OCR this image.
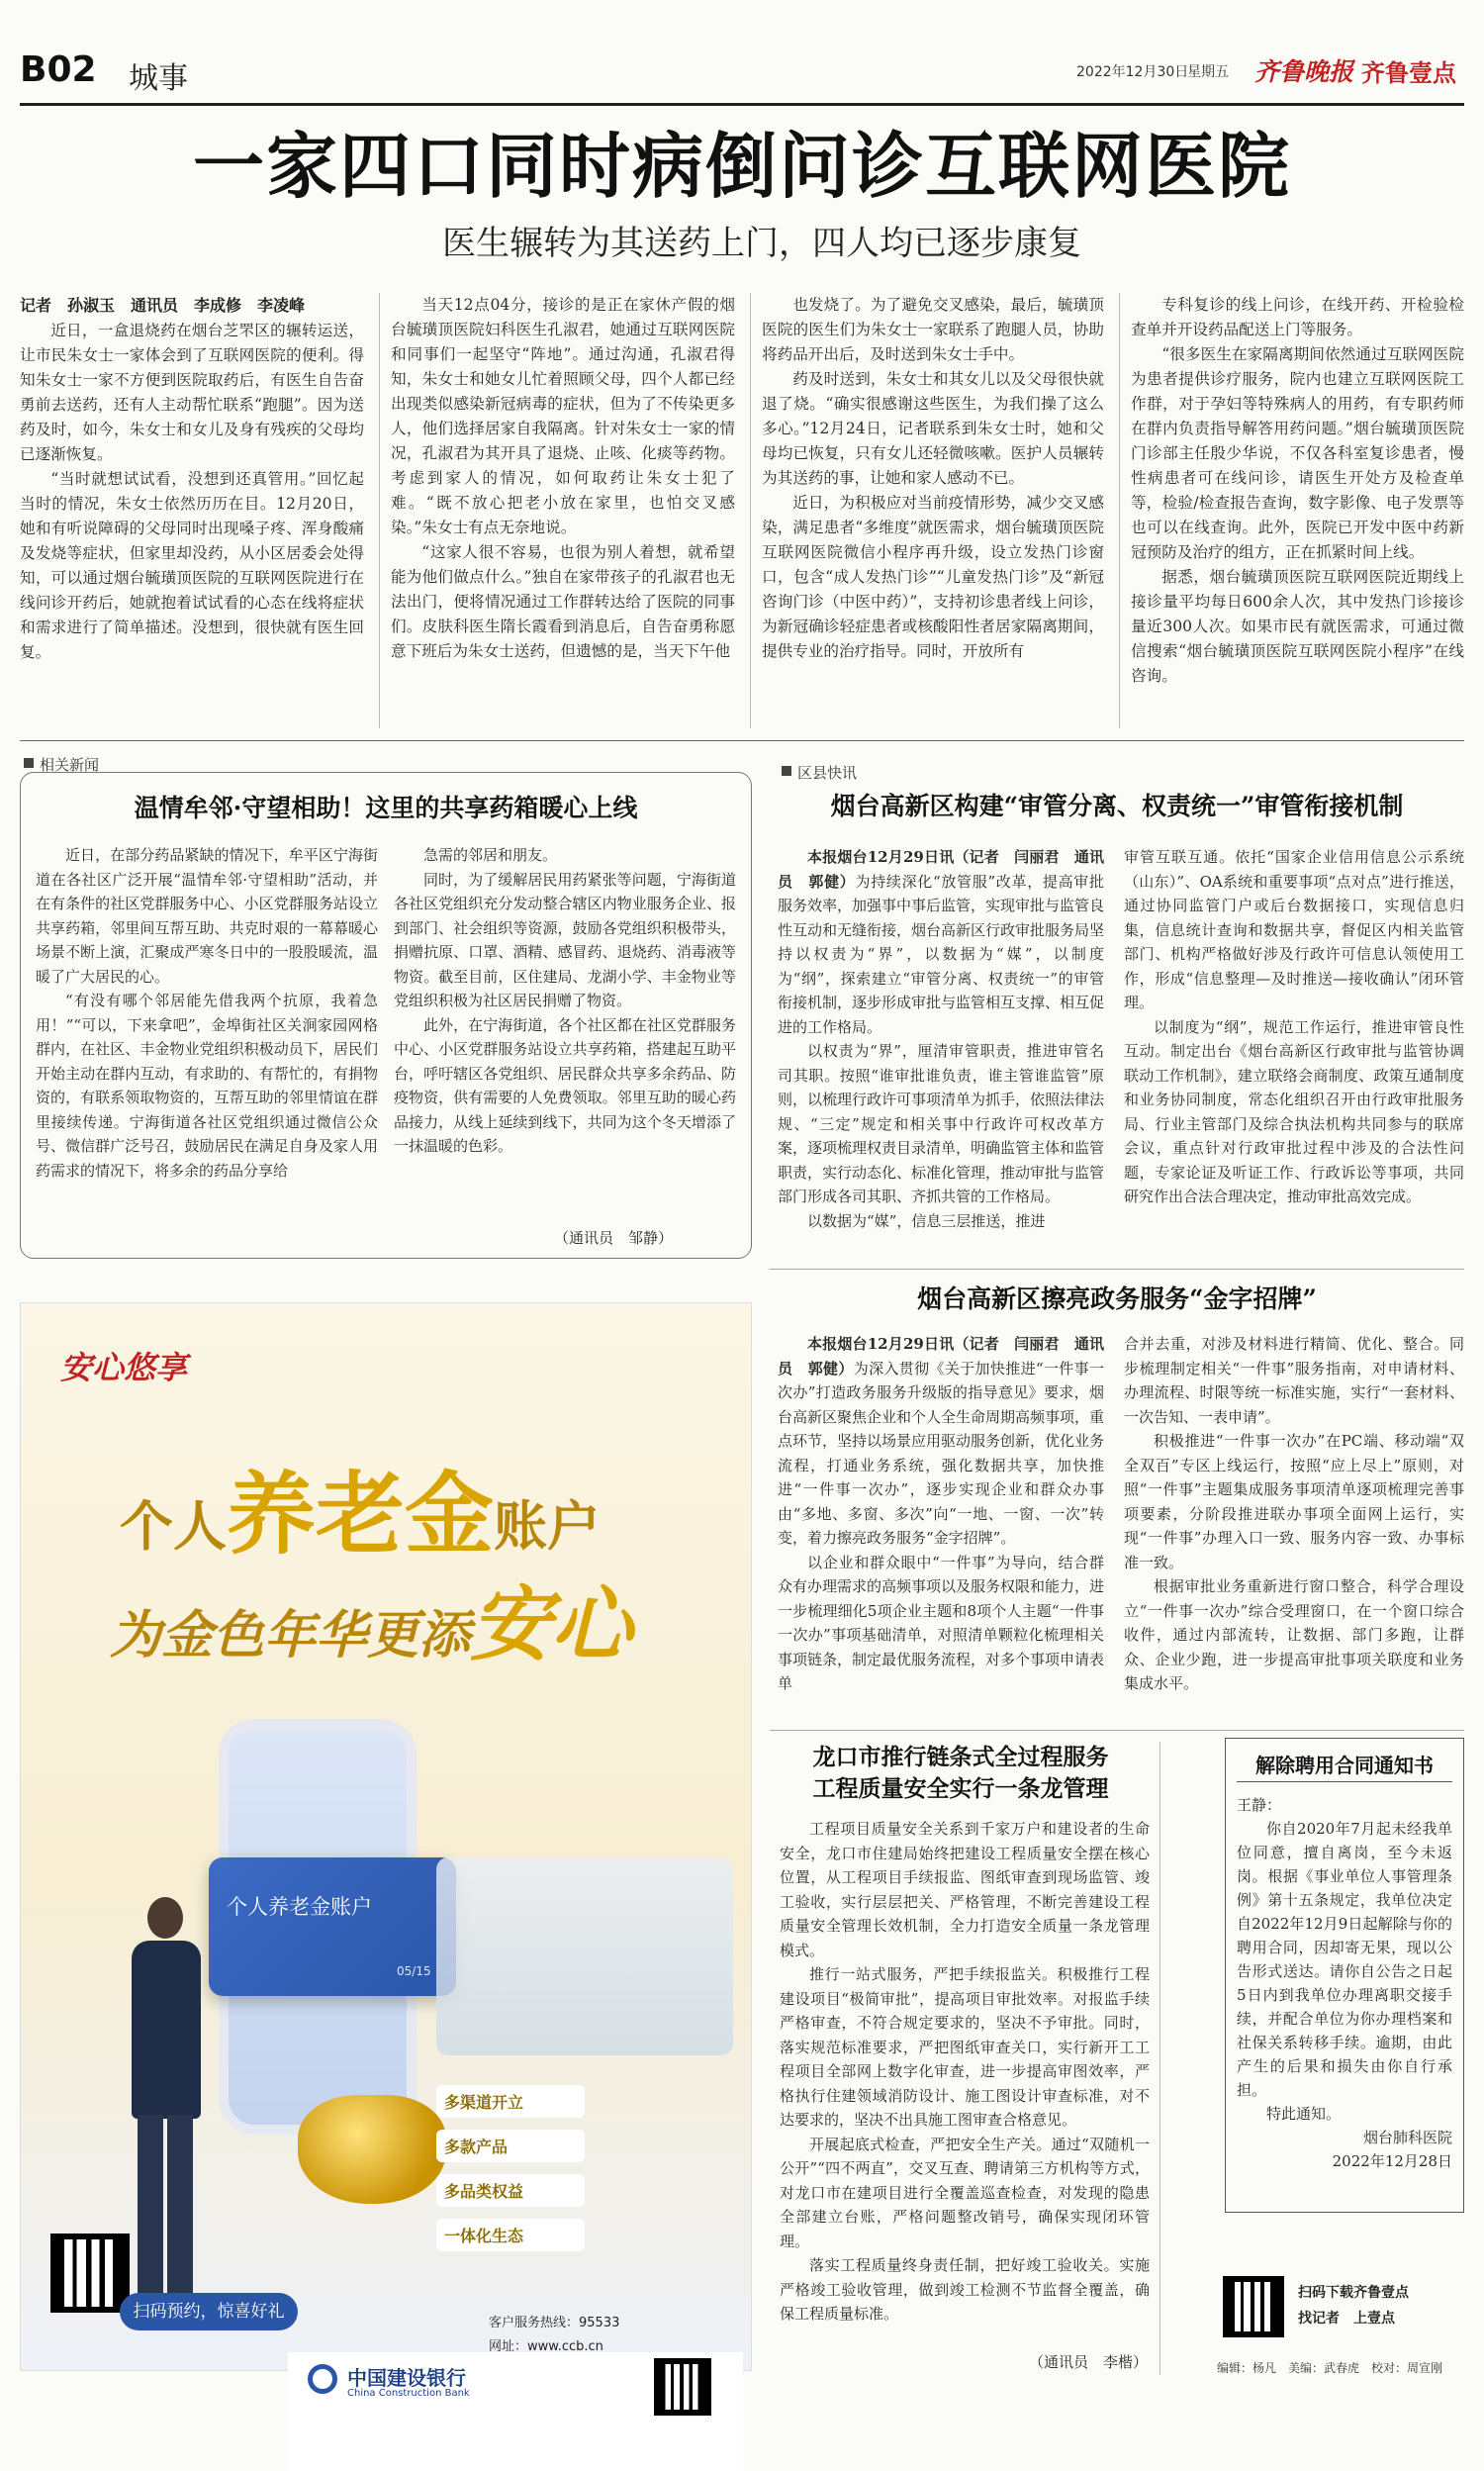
B02 城事	2022年12月30日
星期五 齐鲁晚报 齐鲁壹点
一家四口同时病倒问诊互联网医院
医生辗转为其送药上门，四人均已逐步康复
记者　孙淑玉　通讯员　李成修　李凌峰

近日，一盒退烧药在烟台芝罘区的辗转运送，让市民朱女士一家体会到了互联网医院的便利。得知朱女士一家不方便到医院取药后，有医生自告奋勇前去送药，还有人主动帮忙联系“跑腿”。因为送药及时，如今，朱女士和女儿及身有残疾的父母均已逐渐恢复。

“当时就想试试看，没想到还真管用。”回忆起当时的情况，朱女士依然历历在目。12月20日，她和有听说障碍的父母同时出现嗓子疼、浑身酸痛及发烧等症状，但家里却没药，从小区居委会处得知，可以通过烟台毓璜顶医院的互联网医院进行在线问诊开药后，她就抱着试试看的心态在线将症状和需求进行了简单描述。没想到，很快就有医生回复。

当天12点04分，接诊的是正在家休产假的烟台毓璜顶医院妇科医生孔淑君，她通过互联网医院和同事们一起坚守“阵地”。通过沟通，孔淑君得知，朱女士和她女儿忙着照顾父母，四个人都已经出现类似感染新冠病毒的症状，但为了不传染更多人，他们选择居家自我隔离。针对朱女士一家的情况，孔淑君为其开具了退烧、止咳、化痰等药物。考虑到家人的情况，如何取药让朱女士犯了难。“既不放心把老小放在家里，也怕交叉感染。”朱女士有点无奈地说。

“这家人很不容易，也很为别人着想，就希望能为他们做点什么。”独自在家带孩子的孔淑君也无法出门，便将情况通过工作群转达给了医院的同事们。皮肤科医生隋长霞看到消息后，自告奋勇称愿意下班后为朱女士送药，但遗憾的是，当天下午他

也发烧了。为了避免交叉感染，最后，毓璜顶医院的医生们为朱女士一家联系了跑腿人员，协助将药品开出后，及时送到朱女士手中。

药及时送到，朱女士和其女儿以及父母很快就退了烧。“确实很感谢这些医生，为我们操了这么多心。”12月24日，记者联系到朱女士时，她和父母均已恢复，只有女儿还轻微咳嗽。医护人员辗转为其送药的事，让她和家人感动不已。

近日，为积极应对当前疫情形势，减少交叉感染，满足患者“多维度”就医需求，烟台毓璜顶医院互联网医院微信小程序再升级，设立发热门诊窗口，包含“成人发热门诊”“儿童发热门诊”及“新冠咨询门诊（中医中药）”，支持初诊患者线上问诊，为新冠确诊轻症患者或核酸阳性者居家隔离期间，提供专业的治疗指导。同时，开放所有

专科复诊的线上问诊，在线开药、开检验检查单并开设药品配送上门等服务。

“很多医生在家隔离期间依然通过互联网医院为患者提供诊疗服务，院内也建立互联网医院工作群，对于孕妇等特殊病人的用药，有专职药师在群内负责指导解答用药问题。”烟台毓璜顶医院门诊部主任殷少华说，不仅各科室复诊患者，慢性病患者可在线问诊，请医生开处方及检查单等，检验/检查报告查询，数字影像、电子发票等也可以在线查询。此外，医院已开发中医中药新冠预防及治疗的组方，正在抓紧时间上线。

据悉，烟台毓璜顶医院互联网医院近期线上接诊量平均每日600余人次，其中发热门诊接诊量近300人次。如果市民有就医需求，可通过微信搜索“烟台毓璜顶医院互联网医院小程序”在线咨询。

相关新闻
温情牟邻·守望相助！这里的共享药箱暖心上线

近日，在部分药品紧缺的情况下，牟平区宁海街道在各社区广泛开展“温情牟邻·守望相助”活动，并在有条件的社区党群服务中心、小区党群服务站设立共享药箱，邻里间互帮互助、共克时艰的一幕幕暖心场景不断上演，汇聚成严寒冬日中的一股股暖流，温暖了广大居民的心。

“有没有哪个邻居能先借我两个抗原，我着急用！”“可以，下来拿吧”，金埠街社区关涧家园网格群内，在社区、丰金物业党组织积极动员下，居民们开始主动在群内互动，有求助的、有帮忙的，有捐物资的，有联系领取物资的，互帮互助的邻里情谊在群里接续传递。宁海街道各社区党组织通过微信公众号、微信群广泛号召，鼓励居民在满足自身及家人用药需求的情况下，将多余的药品分享给

急需的邻居和朋友。

同时，为了缓解居民用药紧张等问题，宁海街道各社区党组织充分发动整合辖区内物业服务企业、报到部门、社会组织等资源，鼓励各党组织积极带头，捐赠抗原、口罩、酒精、感冒药、退烧药、消毒液等物资。截至目前，区住建局、龙湖小学、丰金物业等党组织积极为社区居民捐赠了物资。

此外，在宁海街道，各个社区都在社区党群服务中心、小区党群服务站设立共享药箱，搭建起互助平台，呼吁辖区各党组织、居民群众共享多余药品、防疫物资，供有需要的人免费领取。邻里互助的暖心药品接力，从线上延续到线下，共同为这个冬天增添了一抹温暖的色彩。

（通讯员　邹静）
区县快讯
烟台高新区构建“审管分离、权责统一”审管衔接机制

本报烟台12月29日讯（记者　闫丽君　通讯员　郭健）为持续深化“放管服”改革，提高审批服务效率，加强事中事后监管，实现审批与监管良性互动和无缝衔接，烟台高新区行政审批服务局坚持以权责为“界”，以数据为“媒”，以制度为“纲”，探索建立“审管分离、权责统一”的审管衔接机制，逐步形成审批与监管相互支撑、相互促进的工作格局。

以权责为“界”，厘清审管职责，推进审管名司其职。按照“谁审批谁负责，谁主管谁监管”原则，以梳理行政许可事项清单为抓手，依照法律法规、“三定”规定和相关事中行政许可权改革方案，逐项梳理权责目录清单，明确监管主体和监管职责，实行动态化、标准化管理，推动审批与监管部门形成各司其职、齐抓共管的工作格局。

以数据为“媒”，信息三层推送，推进

审管互联互通。依托“国家企业信用信息公示系统（山东）”、OA系统和重要事项“点对点”进行推送，通过协同监管门户或后台数据接口，实现信息归集，信息统计查询和数据共享，督促区内相关监管部门、机构严格做好涉及行政许可信息认领使用工作，形成“信息整理—及时推送—接收确认”闭环管理。

以制度为“纲”，规范工作运行，推进审管良性互动。制定出台《烟台高新区行政审批与监管协调联动工作机制》，建立联络会商制度、政策互通制度和业务协同制度，常态化组织召开由行政审批服务局、行业主管部门及综合执法机构共同参与的联席会议，重点针对行政审批过程中涉及的合法性问题，专家论证及听证工作、行政诉讼等事项，共同研究作出合法合理决定，推动审批高效完成。

烟台高新区擦亮政务服务“金字招牌”

本报烟台12月29日讯（记者　闫丽君　通讯员　郭健）为深入贯彻《关于加快推进“一件事一次办”打造政务服务升级版的指导意见》要求，烟台高新区聚焦企业和个人全生命周期高频事项，重点环节，坚持以场景应用驱动服务创新，优化业务流程，打通业务系统，强化数据共享，加快推进“一件事一次办”，逐步实现企业和群众办事由“多地、多窗、多次”向“一地、一窗、一次”转变，着力擦亮政务服务“金字招牌”。

以企业和群众眼中“一件事”为导向，结合群众有办理需求的高频事项以及服务权限和能力，进一步梳理细化5项企业主题和8项个人主题“一件事一次办”事项基础清单，对照清单颗粒化梳理相关事项链条，制定最优服务流程，对多个事项申请表单

合并去重，对涉及材料进行精简、优化、整合。同步梳理制定相关“一件事”服务指南，对申请材料、办理流程、时限等统一标准实施，实行“一套材料、一次告知、一表申请”。

积极推进“一件事一次办”在PC端、移动端“双全双百”专区上线运行，按照“应上尽上”原则，对照“一件事”主题集成服务事项清单逐项梳理完善事项要素，分阶段推进联办事项全面网上运行，实现“一件事”办理入口一致、服务内容一致、办事标准一致。

根据审批业务重新进行窗口整合，科学合理设立“一件事一次办”综合受理窗口，在一个窗口综合收件，通过内部流转，让数据、部门多跑，让群众、企业少跑，进一步提高审批事项关联度和业务集成水平。

龙口市推行链条式全过程服务
工程质量安全实行一条龙管理

工程项目质量安全关系到千家万户和建设者的生命安全，龙口市住建局始终把建设工程质量安全摆在核心位置，从工程项目手续报监、图纸审查到现场监管、竣工验收，实行层层把关、严格管理，不断完善建设工程质量安全管理长效机制，全力打造安全质量一条龙管理模式。

推行一站式服务，严把手续报监关。积极推行工程建设项目“极简审批”，提高项目审批效率。对报监手续严格审查，不符合规定要求的，坚决不予审批。同时，落实规范标准要求，严把图纸审查关口，实行新开工工程项目全部网上数字化审查，进一步提高审图效率，严格执行住建领域消防设计、施工图设计审查标准，对不达要求的，坚决不出具施工图审查合格意见。

开展起底式检查，严把安全生产关。通过“双随机一公开”“四不两直”，交叉互查、聘请第三方机构等方式，对龙口市在建项目进行全覆盖巡查检查，对发现的隐患全部建立台账，严格问题整改销号，确保实现闭环管理。

落实工程质量终身责任制，把好竣工验收关。实施严格竣工验收管理，做到竣工检测不节监督全覆盖，确保工程质量标准。

（通讯员　李楷）
解除聘用合同通知书
王静：

你自2020年7月起未经我单位同意，擅自离岗，至今未返岗。根据《事业单位人事管理条例》第十五条规定，我单位决定自2022年12月9日起解除与你的聘用合同，因却寄无果，现以公告形式送达。请你自公告之日起5日内到我单位办理离职交接手续，并配合单位为你办理档案和社保关系转移手续。逾期，由此产生的后果和损失由你自行承担。

特此通知。

烟台肺科医院
2022年12月28日
扫码下载齐鲁壹点
找记者　上壹点
编辑：杨凡　美编：武春虎　校对：周宣刚
安心悠享
个人养老金账户
为金色年华更添安心
个人养老金账户
05/15
多渠道开立
多款产品
多品类权益
一体化生态
扫码预约，惊喜好礼
中国建设银行
China Construction Bank
客户服务热线：95533
网址：www.ccb.cn
